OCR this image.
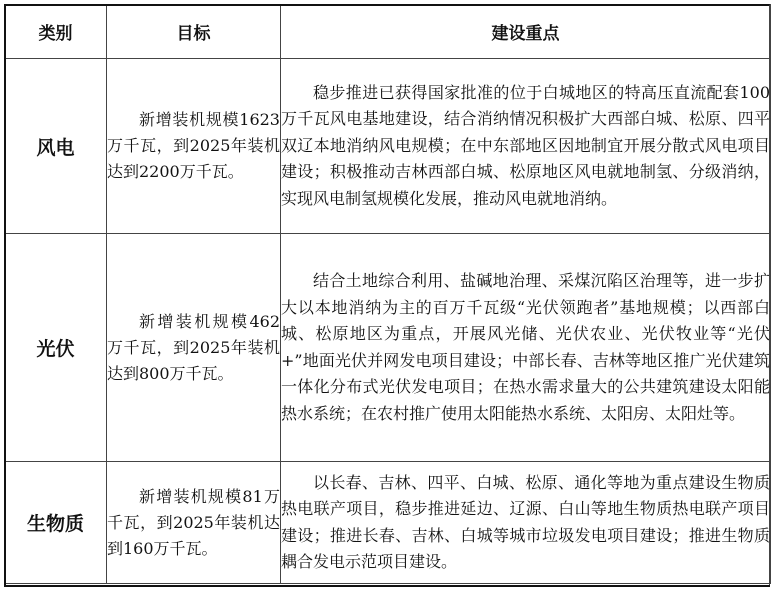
类别	目标	建设重点
风电	新增装机规模1623万千瓦，到2025年装机达到2200万千瓦。	稳步推进已获得国家批准的位于白城地区的特高压直流配套100万千瓦风电基地建设，结合消纳情况积极扩大西部白城、松原、四平双辽本地消纳风电规模；在中东部地区因地制宜开展分散式风电项目建设；积极推动吉林西部白城、松原地区风电就地制氢、分级消纳，实现风电制氢规模化发展，推动风电就地消纳。
光伏	新增装机规模462万千瓦，到2025年装机达到800万千瓦。	结合土地综合利用、盐碱地治理、采煤沉陷区治理等，进一步扩大以本地消纳为主的百万千瓦级“光伏领跑者”基地规模；以西部白城、松原地区为重点，开展风光储、光伏农业、光伏牧业等“光伏+”地面光伏并网发电项目建设；中部长春、吉林等地区推广光伏建筑一体化分布式光伏发电项目；在热水需求量大的公共建筑建设太阳能热水系统；在农村推广使用太阳能热水系统、太阳房、太阳灶等。
生物质	新增装机规模81万千瓦，到2025年装机达到160万千瓦。	以长春、吉林、四平、白城、松原、通化等地为重点建设生物质热电联产项目，稳步推进延边、辽源、白山等地生物质热电联产项目建设；推进长春、吉林、白城等城市垃圾发电项目建设；推进生物质耦合发电示范项目建设。
